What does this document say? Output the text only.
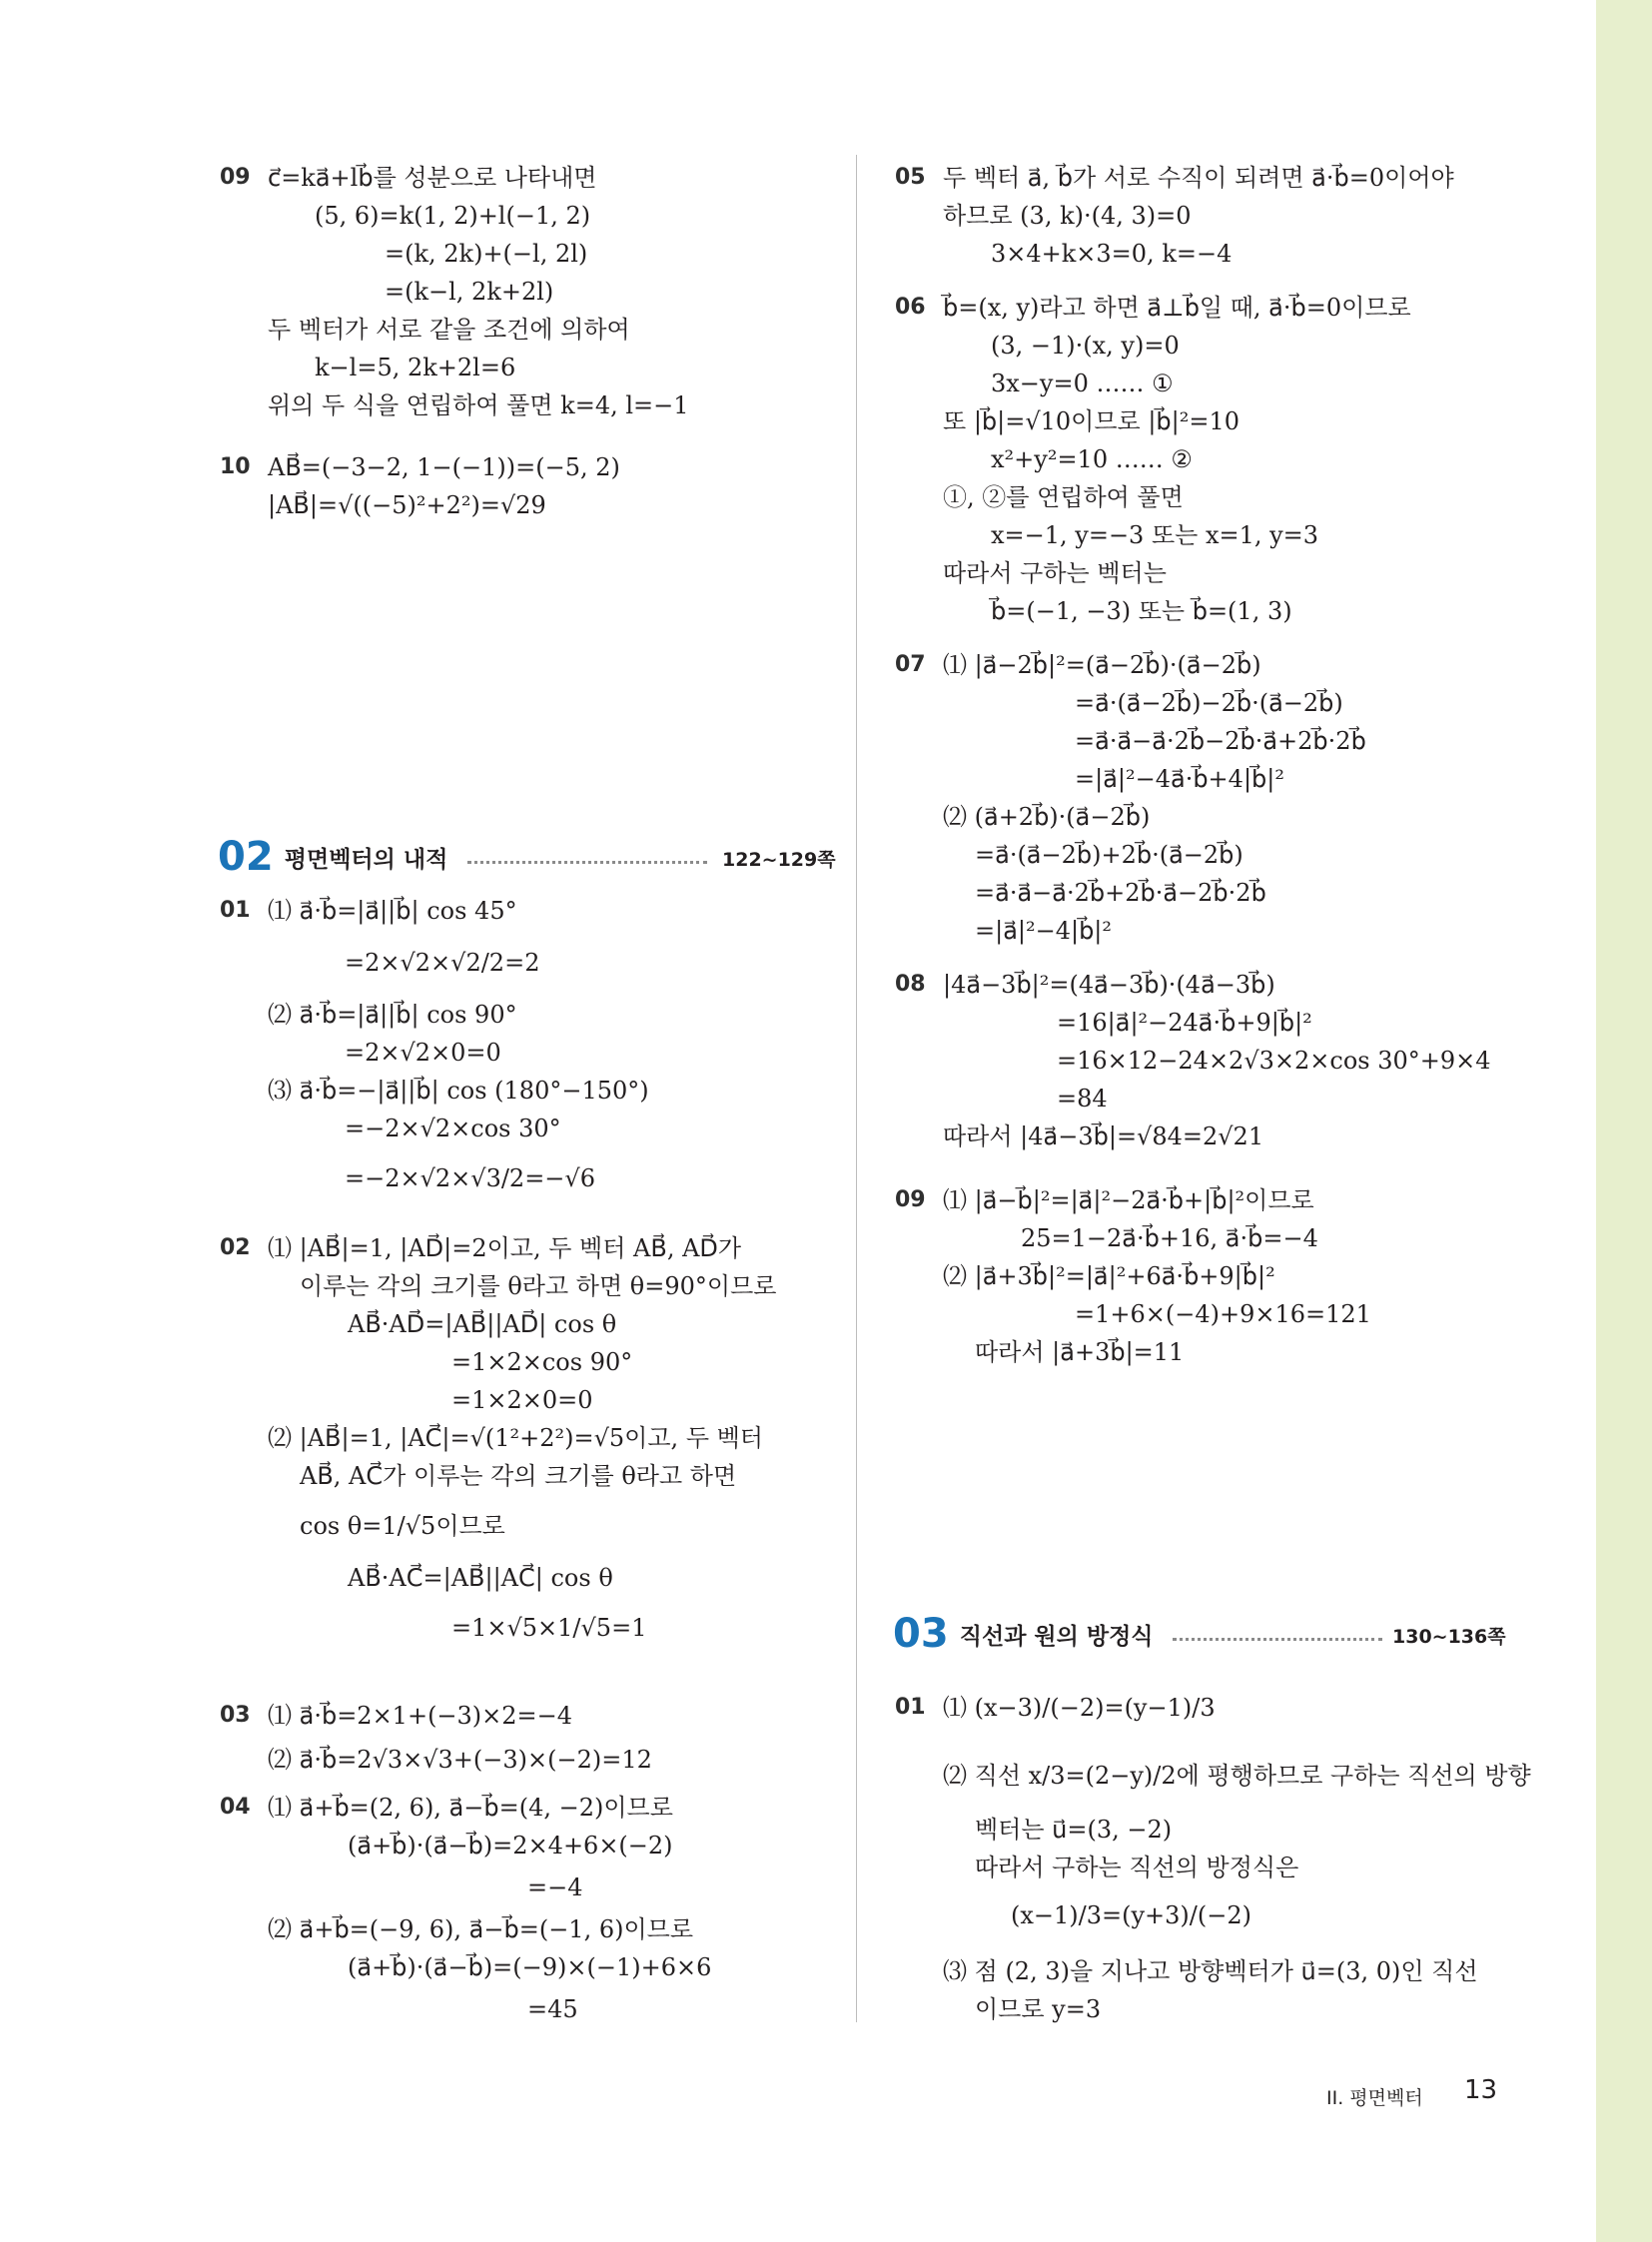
09 c⃗=ka⃗+lb⃗를 성분으로 나타내면
(5, 6)=k(1, 2)+l(−1, 2)
=(k, 2k)+(−l, 2l)
=(k−l, 2k+2l)
두 벡터가 서로 같을 조건에 의하여
k−l=5, 2k+2l=6
위의 두 식을 연립하여 풀면 k=4, l=−1
10 AB⃗=(−3−2, 1−(−1))=(−5, 2)
|AB⃗|=√((−5)²+2²)=√29
02 평면벡터의 내적	122~129쪽
01 ⑴ a⃗·b⃗=|a⃗||b⃗| cos 45°
=2×√2×√2/2=2
⑵ a⃗·b⃗=|a⃗||b⃗| cos 90°
=2×√2×0=0
⑶ a⃗·b⃗=−|a⃗||b⃗| cos (180°−150°)
=−2×√2×cos 30°
=−2×√2×√3/2=−√6
02 ⑴ |AB⃗|=1, |AD⃗|=2이고, 두 벡터 AB⃗, AD⃗가
이루는 각의 크기를 θ라고 하면 θ=90°이므로
AB⃗·AD⃗=|AB⃗||AD⃗| cos θ
=1×2×cos 90°
=1×2×0=0
⑵ |AB⃗|=1, |AC⃗|=√(1²+2²)=√5이고, 두 벡터
AB⃗, AC⃗가 이루는 각의 크기를 θ라고 하면
cos θ=1/√5이므로
AB⃗·AC⃗=|AB⃗||AC⃗| cos θ
=1×√5×1/√5=1
03 ⑴ a⃗·b⃗=2×1+(−3)×2=−4
⑵ a⃗·b⃗=2√3×√3+(−3)×(−2)=12
04 ⑴ a⃗+b⃗=(2, 6), a⃗−b⃗=(4, −2)이므로
(a⃗+b⃗)·(a⃗−b⃗)=2×4+6×(−2)
=−4
⑵ a⃗+b⃗=(−9, 6), a⃗−b⃗=(−1, 6)이므로
(a⃗+b⃗)·(a⃗−b⃗)=(−9)×(−1)+6×6
=45
05 두 벡터 a⃗, b⃗가 서로 수직이 되려면 a⃗·b⃗=0이어야
하므로 (3, k)·(4, 3)=0
3×4+k×3=0, k=−4
06 b⃗=(x, y)라고 하면 a⃗⊥b⃗일 때, a⃗·b⃗=0이므로
(3, −1)·(x, y)=0
3x−y=0 …… ①
또 |b⃗|=√10이므로 |b⃗|²=10
x²+y²=10 …… ②
①, ②를 연립하여 풀면
x=−1, y=−3 또는 x=1, y=3
따라서 구하는 벡터는
b⃗=(−1, −3) 또는 b⃗=(1, 3)
07 ⑴ |a⃗−2b⃗|²=(a⃗−2b⃗)·(a⃗−2b⃗)
=a⃗·(a⃗−2b⃗)−2b⃗·(a⃗−2b⃗)
=a⃗·a⃗−a⃗·2b⃗−2b⃗·a⃗+2b⃗·2b⃗
=|a⃗|²−4a⃗·b⃗+4|b⃗|²
⑵ (a⃗+2b⃗)·(a⃗−2b⃗)
=a⃗·(a⃗−2b⃗)+2b⃗·(a⃗−2b⃗)
=a⃗·a⃗−a⃗·2b⃗+2b⃗·a⃗−2b⃗·2b⃗
=|a⃗|²−4|b⃗|²
08 |4a⃗−3b⃗|²=(4a⃗−3b⃗)·(4a⃗−3b⃗)
=16|a⃗|²−24a⃗·b⃗+9|b⃗|²
=16×12−24×2√3×2×cos 30°+9×4
=84
따라서 |4a⃗−3b⃗|=√84=2√21
09 ⑴ |a⃗−b⃗|²=|a⃗|²−2a⃗·b⃗+|b⃗|²이므로
25=1−2a⃗·b⃗+16, a⃗·b⃗=−4
⑵ |a⃗+3b⃗|²=|a⃗|²+6a⃗·b⃗+9|b⃗|²
=1+6×(−4)+9×16=121
따라서 |a⃗+3b⃗|=11
03 직선과 원의 방정식	130~136쪽
01 ⑴ (x−3)/(−2)=(y−1)/3
⑵ 직선 x/3=(2−y)/2에 평행하므로 구하는 직선의 방향
벡터는 u⃗=(3, −2)
따라서 구하는 직선의 방정식은
(x−1)/3=(y+3)/(−2)
⑶ 점 (2, 3)을 지나고 방향벡터가 u⃗=(3, 0)인 직선
이므로 y=3
II. 평면벡터 13
